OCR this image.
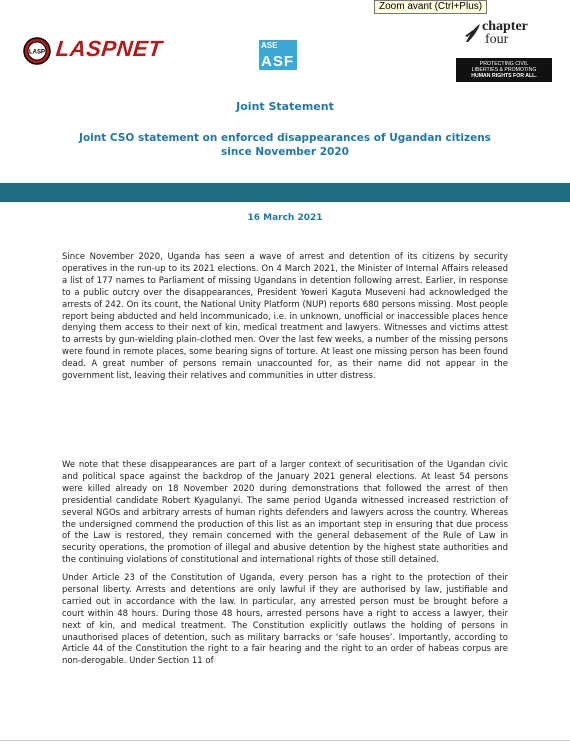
Zoom avant (Ctrl+Plus)
LASP LASPNET	ASE
ASF
chapter
four
PROTECTING CIVIL
LIBERTIES & PROMOTING
HUMAN RIGHTS FOR ALL.
Joint Statement
Joint CSO statement on enforced disappearances of Ugandan citizens
since November 2020
16 March 2021

Since November 2020, Uganda has seen a wave of arrest and detention of its citizens by security operatives in the run-up to its 2021 elections. On 4 March 2021, the Minister of Internal Affairs released a list of 177 names to Parliament of missing Ugandans in detention following arrest. Earlier, in response to a public outcry over the disappearances, President Yoweri Kaguta Museveni had acknowledged the arrests of 242. On its count, the National Unity Platform (NUP) reports 680 persons missing. Most people report being abducted and held incommunicado, i.e. in unknown, unofficial or inaccessible places hence denying them access to their next of kin, medical treatment and lawyers. Witnesses and victims attest to arrests by gun-wielding plain-clothed men. Over the last few weeks, a number of the missing persons were found in remote places, some bearing signs of torture. At least one missing person has been found dead. A great number of persons remain unaccounted for, as their name did not appear in the government list, leaving their relatives and communities in utter distress.

We note that these disappearances are part of a larger context of securitisation of the Ugandan civic and political space against the backdrop of the January 2021 general elections. At least 54 persons were killed already on 18 November 2020 during demonstrations that followed the arrest of then presidential candidate Robert Kyagulanyi. The same period Uganda witnessed increased restriction of several NGOs and arbitrary arrests of human rights defenders and lawyers across the country. Whereas the undersigned commend the production of this list as an important step in ensuring that due process of the Law is restored, they remain concerned with the general debasement of the Rule of Law in security operations, the promotion of illegal and abusive detention by the highest state authorities and the continuing violations of constitutional and international rights of those still detained.

Under Article 23 of the Constitution of Uganda, every person has a right to the protection of their personal liberty. Arrests and detentions are only lawful if they are authorised by law, justifiable and carried out in accordance with the law. In particular, any arrested person must be brought before a court within 48 hours. During those 48 hours, arrested persons have a right to access a lawyer, their next of kin, and medical treatment. The Constitution explicitly outlaws the holding of persons in unauthorised places of detention, such as military barracks or ‘safe houses’. Importantly, according to Article 44 of the Constitution the right to a fair hearing and the right to an order of habeas corpus are non-derogable. Under Section 11 of
